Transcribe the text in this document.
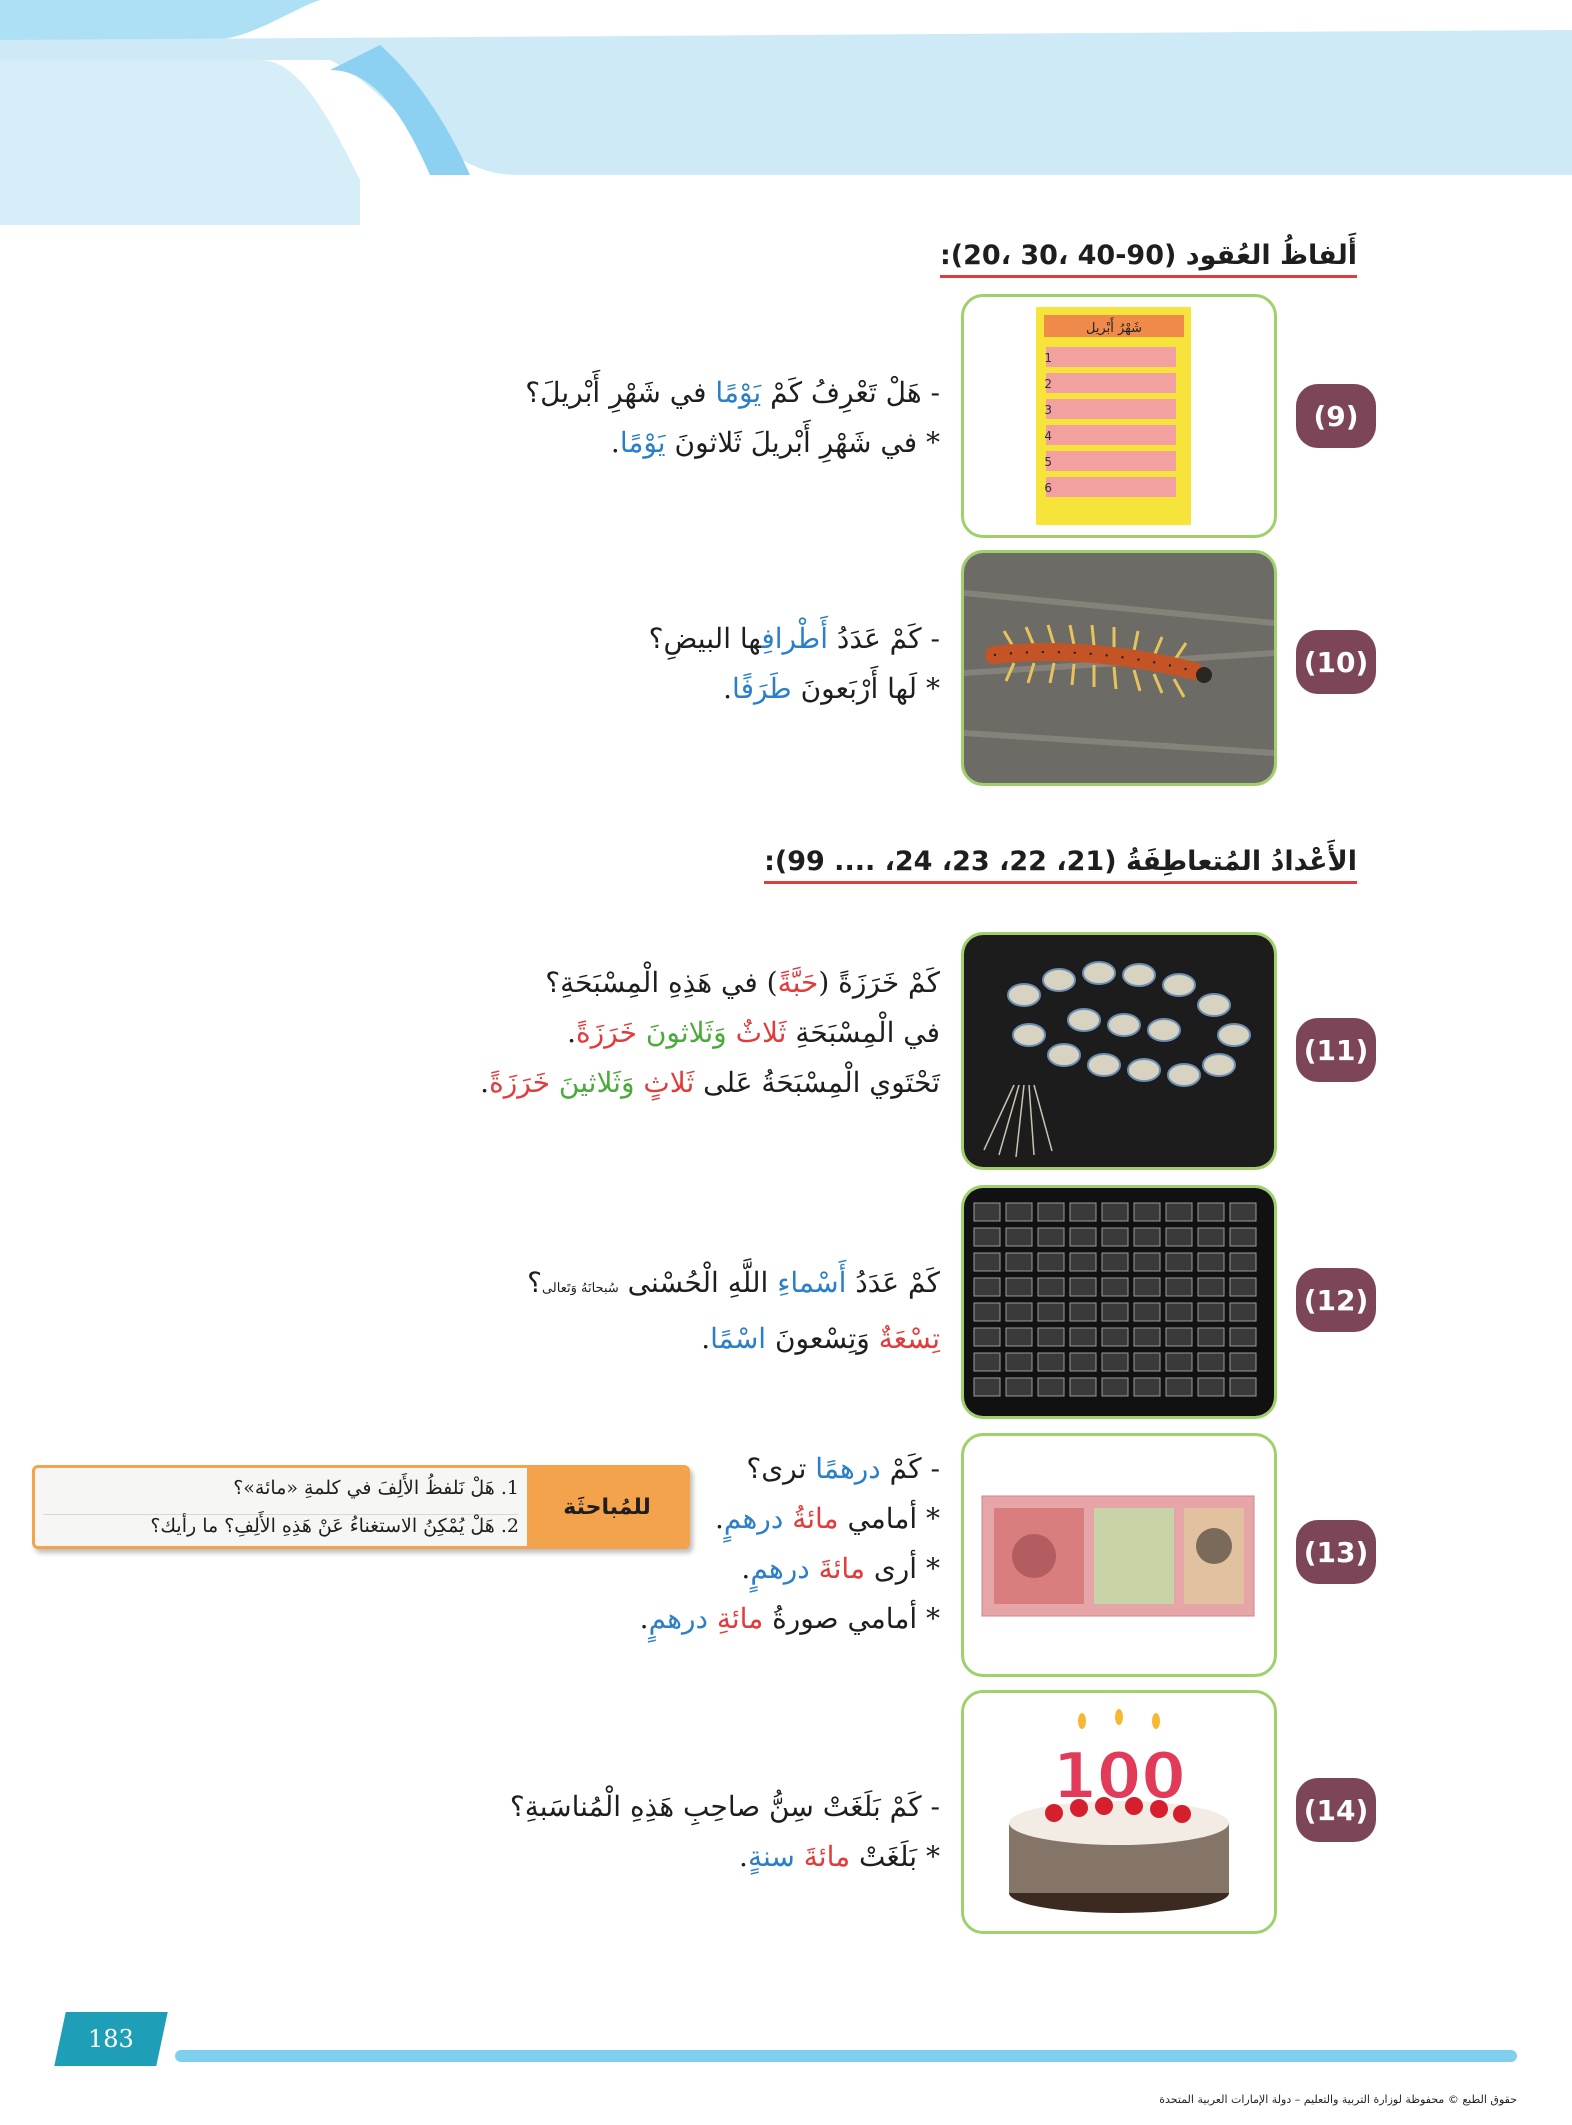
أَلفاظُ العُقود (90-40 ،30 ،20):
الأَعْدادُ المُتعاطِفَةُ (21، 22، 23، 24، .... 99):
(9)
شَهْرُ أَبْريل
1
2
3
4
5
6

- هَلْ تَعْرِفُ كَمْ يَوْمًا في شَهْرِ أَبْريلَ؟

* في شَهْرِ أَبْريلَ ثَلاثونَ يَوْمًا.

(10)

- كَمْ عَدَدُ أَطْرافِها البيضِ؟

* لَها أَرْبَعونَ طَرَفًا.

(11)

كَمْ خَرَزَةً (حَبَّةً) في هَذِهِ الْمِسْبَحَةِ؟

في الْمِسْبَحَةِ ثَلاثٌ وَثَلاثونَ خَرَزَةً.

تَحْتَوي الْمِسْبَحَةُ عَلى ثَلاثٍ وَثَلاثينَ خَرَزَةً.

(12)

كَمْ عَدَدُ أَسْماءِ اللَّهِ الْحُسْنى سُبحانَهُ وَتَعالى؟

تِسْعَةٌ وَتِسْعونَ اسْمًا.

(13)

- كَمْ درهمًا ترى؟

* أمامي مائةُ درهمٍ.

* أرى مائةَ درهمٍ.

* أمامي صورةُ مائةِ درهمٍ.

للمُباحثَة
1. هَلْ نَلفظُ الأَلِفَ في كلمةِ «مائة»؟
2. هَلْ يُمْكِنُ الاستغناءُ عَنْ هَذِهِ الأَلِفِ؟ ما رأيك؟
(14)
100

- كَمْ بَلَغَتْ سِنُّ صاحِبِ هَذِهِ الْمُناسَبةِ؟

* بَلَغَتْ مائةَ سنةٍ.

183
حقوق الطبع © محفوظة لوزارة التربية والتعليم – دولة الإمارات العربية المتحدة
